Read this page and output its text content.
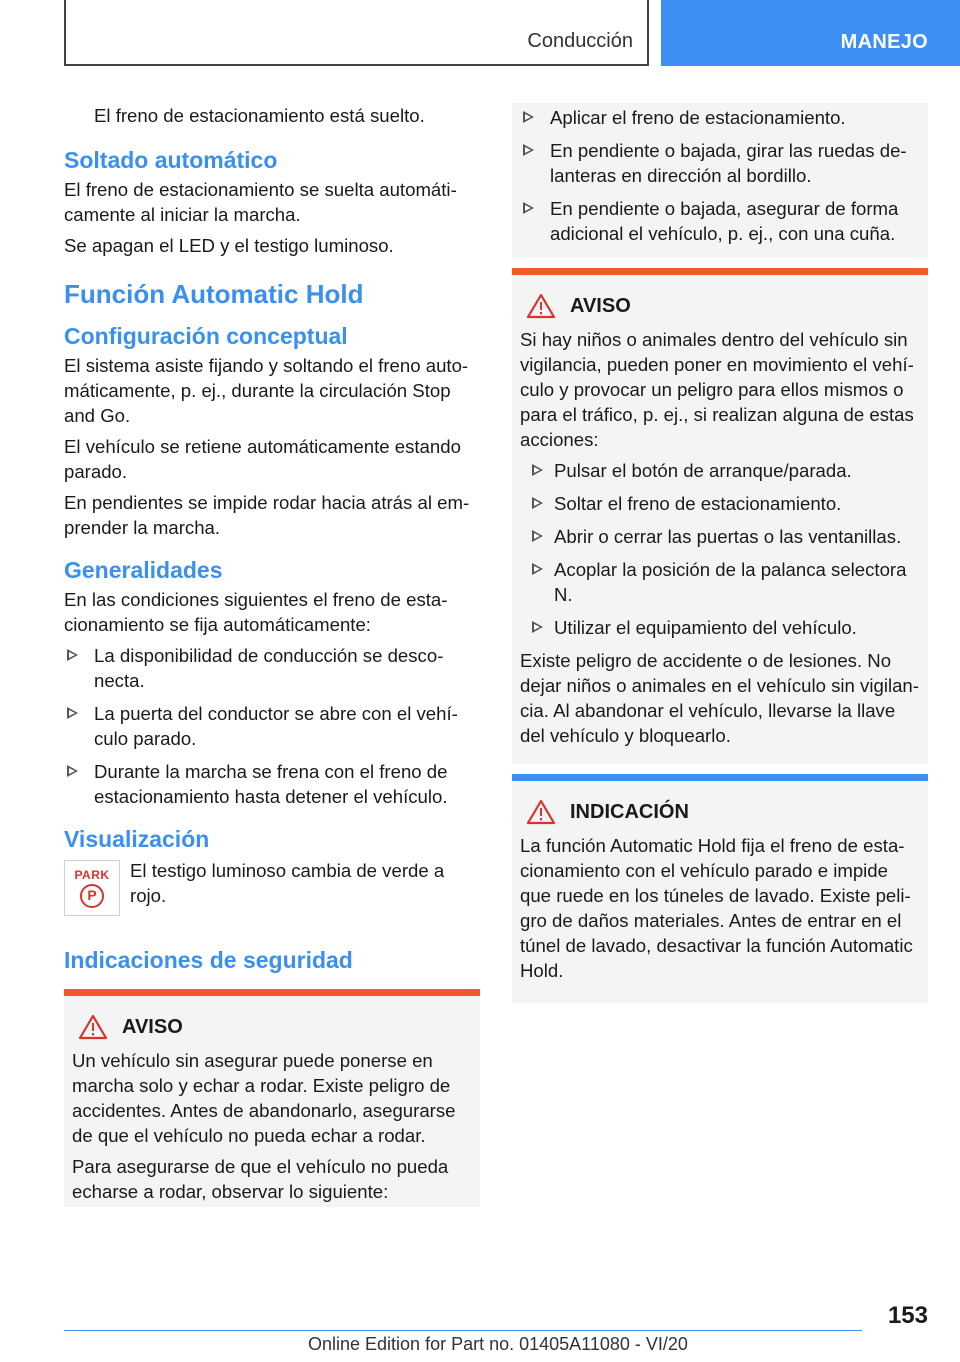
Conducción	MANEJO

El freno de estacionamiento está suelto.

Soltado automático

El freno de estacionamiento se suelta automáti-camente al iniciar la marcha.

Se apagan el LED y el testigo luminoso.

Función Automatic Hold
Configuración conceptual

El sistema asiste fijando y soltando el freno auto-máticamente, p. ej., durante la circulación Stop and Go.

El vehículo se retiene automáticamente estando parado.

En pendientes se impide rodar hacia atrás al em-prender la marcha.

Generalidades

En las condiciones siguientes el freno de esta-cionamiento se fija automáticamente:

La disponibilidad de conducción se desco-necta.
La puerta del conductor se abre con el vehí-culo parado.
Durante la marcha se frena con el freno de estacionamiento hasta detener el vehículo.
Visualización
PARK
P

El testigo luminoso cambia de verde a rojo.

Indicaciones de seguridad
AVISO

Un vehículo sin asegurar puede ponerse en marcha solo y echar a rodar. Existe peligro de accidentes. Antes de abandonarlo, asegurarse de que el vehículo no pueda echar a rodar.

Para asegurarse de que el vehículo no pueda echarse a rodar, observar lo siguiente:

Aplicar el freno de estacionamiento.
En pendiente o bajada, girar las ruedas de-lanteras en dirección al bordillo.
En pendiente o bajada, asegurar de forma adicional el vehículo, p. ej., con una cuña.
AVISO

Si hay niños o animales dentro del vehículo sin vigilancia, pueden poner en movimiento el vehí-culo y provocar un peligro para ellos mismos o para el tráfico, p. ej., si realizan alguna de estas acciones:

Pulsar el botón de arranque/parada.
Soltar el freno de estacionamiento.
Abrir o cerrar las puertas o las ventanillas.
Acoplar la posición de la palanca selectora N.
Utilizar el equipamiento del vehículo.

Existe peligro de accidente o de lesiones. No dejar niños o animales en el vehículo sin vigilan-cia. Al abandonar el vehículo, llevarse la llave del vehículo y bloquearlo.

INDICACIÓN

La función Automatic Hold fija el freno de esta-cionamiento con el vehículo parado e impide que ruede en los túneles de lavado. Existe peli-gro de daños materiales. Antes de entrar en el túnel de lavado, desactivar la función Automatic Hold.

153
Online Edition for Part no. 01405A11080 - VI/20
